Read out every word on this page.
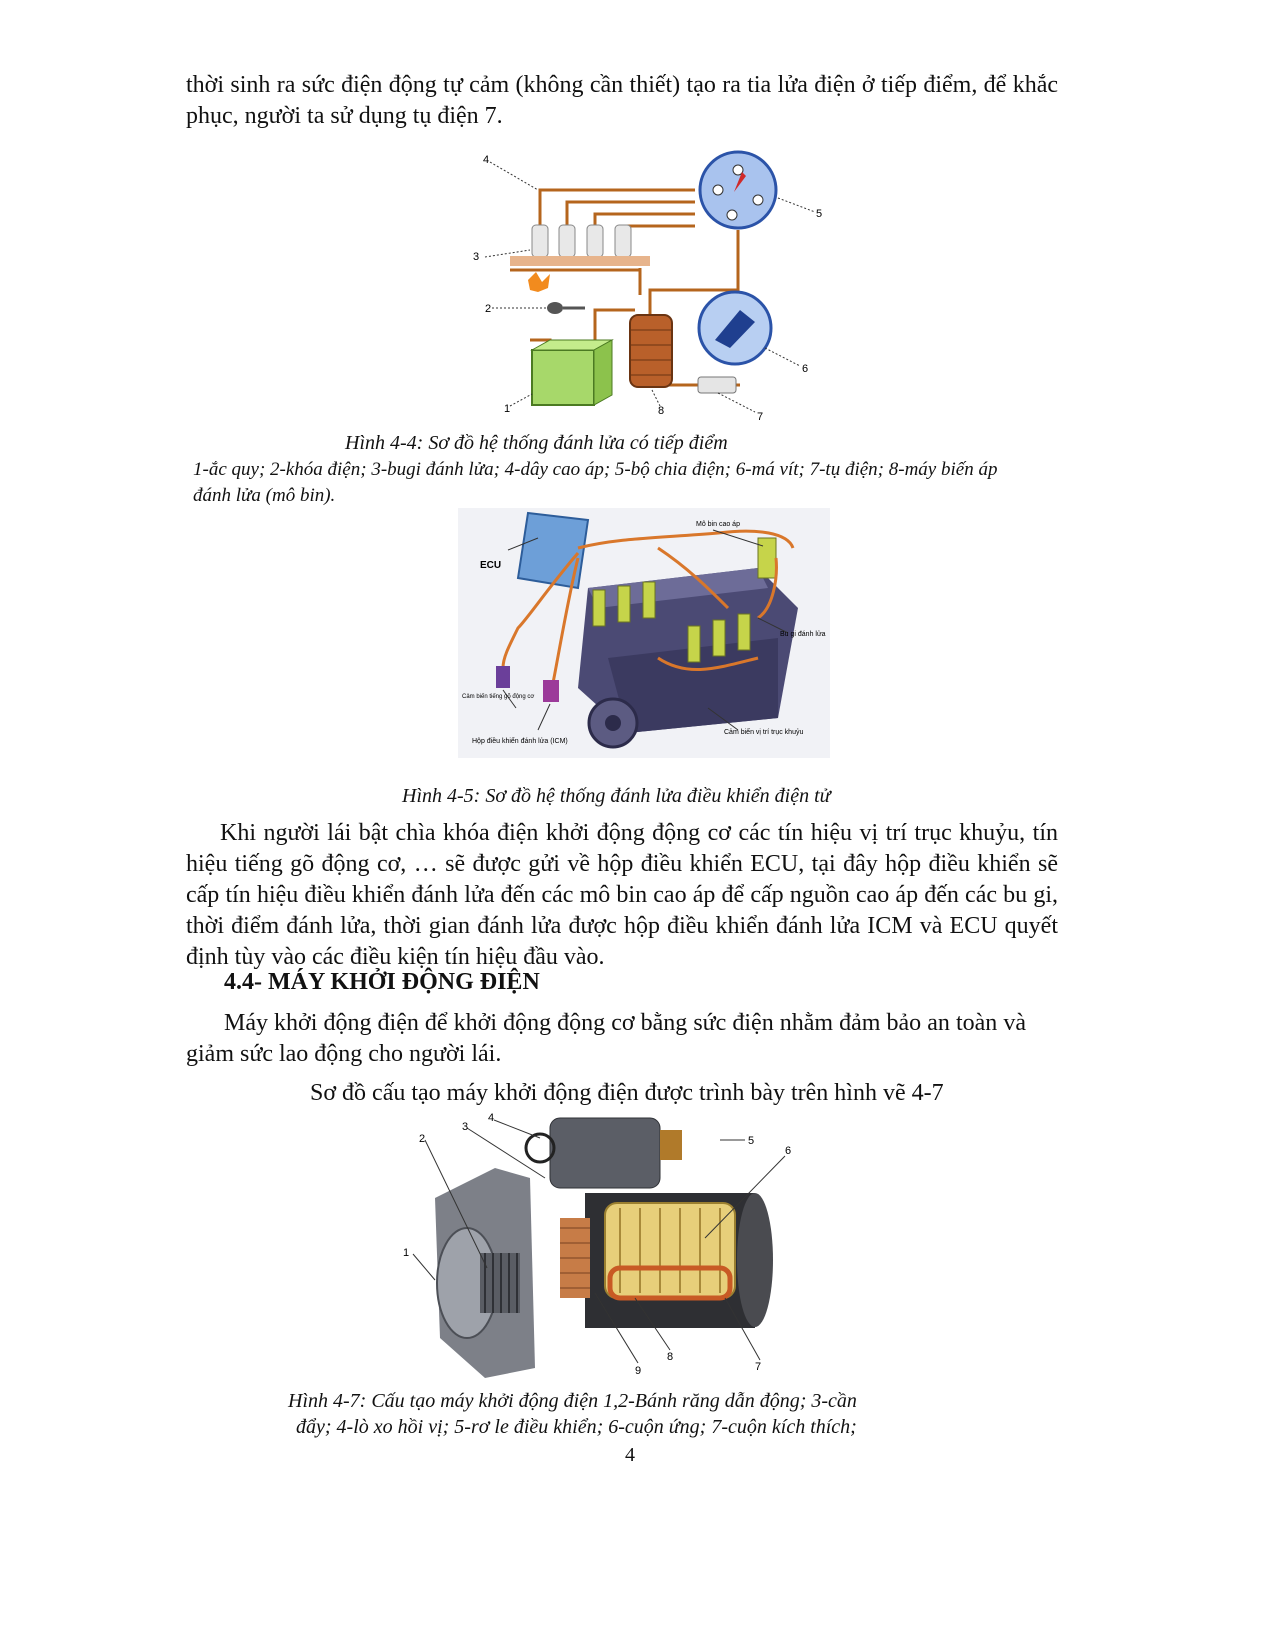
thời sinh ra sức điện động tự cảm (không cần thiết) tạo ra tia lửa điện ở tiếp điểm, để khắc phục, người ta sử dụng tụ điện 7.

4
5
3
2
6
1	8	7

Hình 4-4: Sơ đồ hệ thống đánh lửa có tiếp điểm

1-ắc quy; 2-khóa điện; 3-bugi đánh lửa; 4-dây cao áp; 5-bộ chia điện; 6-má vít; 7-tụ điện; 8-máy biến áp đánh lửa (mô bin).

ECU
Mô bin cao áp
Bu gi đánh lửa
Cảm biến tiếng gõ động cơ
Hộp điều khiển đánh lửa (ICM)
Cảm biến vị trí trục khuỷu

Hình 4-5: Sơ đồ hệ thống đánh lửa điều khiển điện tử

Khi người lái bật chìa khóa điện khởi động động cơ các tín hiệu vị trí trục khuỷu, tín hiệu tiếng gõ động cơ, … sẽ được gửi về hộp điều khiển ECU, tại đây hộp điều khiển sẽ cấp tín hiệu điều khiển đánh lửa đến các mô bin cao áp để cấp nguồn cao áp đến các bu gi, thời điểm đánh lửa, thời gian đánh lửa được hộp điều khiển đánh lửa ICM và ECU quyết định tùy vào các điều kiện tín hiệu đầu vào.

4.4- MÁY KHỞI ĐỘNG ĐIỆN

Máy khởi động điện để khởi động động cơ bằng sức điện nhằm đảm bảo an toàn và giảm sức lao động cho người lái.

Sơ đồ cấu tạo máy khởi động điện được trình bày trên hình vẽ 4-7

1
2
3
4
5
6
7
8
9

Hình 4-7: Cấu tạo máy khởi động điện 1,2-Bánh răng dẫn động; 3-cần

đẩy; 4-lò xo hồi vị; 5-rơ le điều khiển; 6-cuộn ứng; 7-cuộn kích thích;

4
